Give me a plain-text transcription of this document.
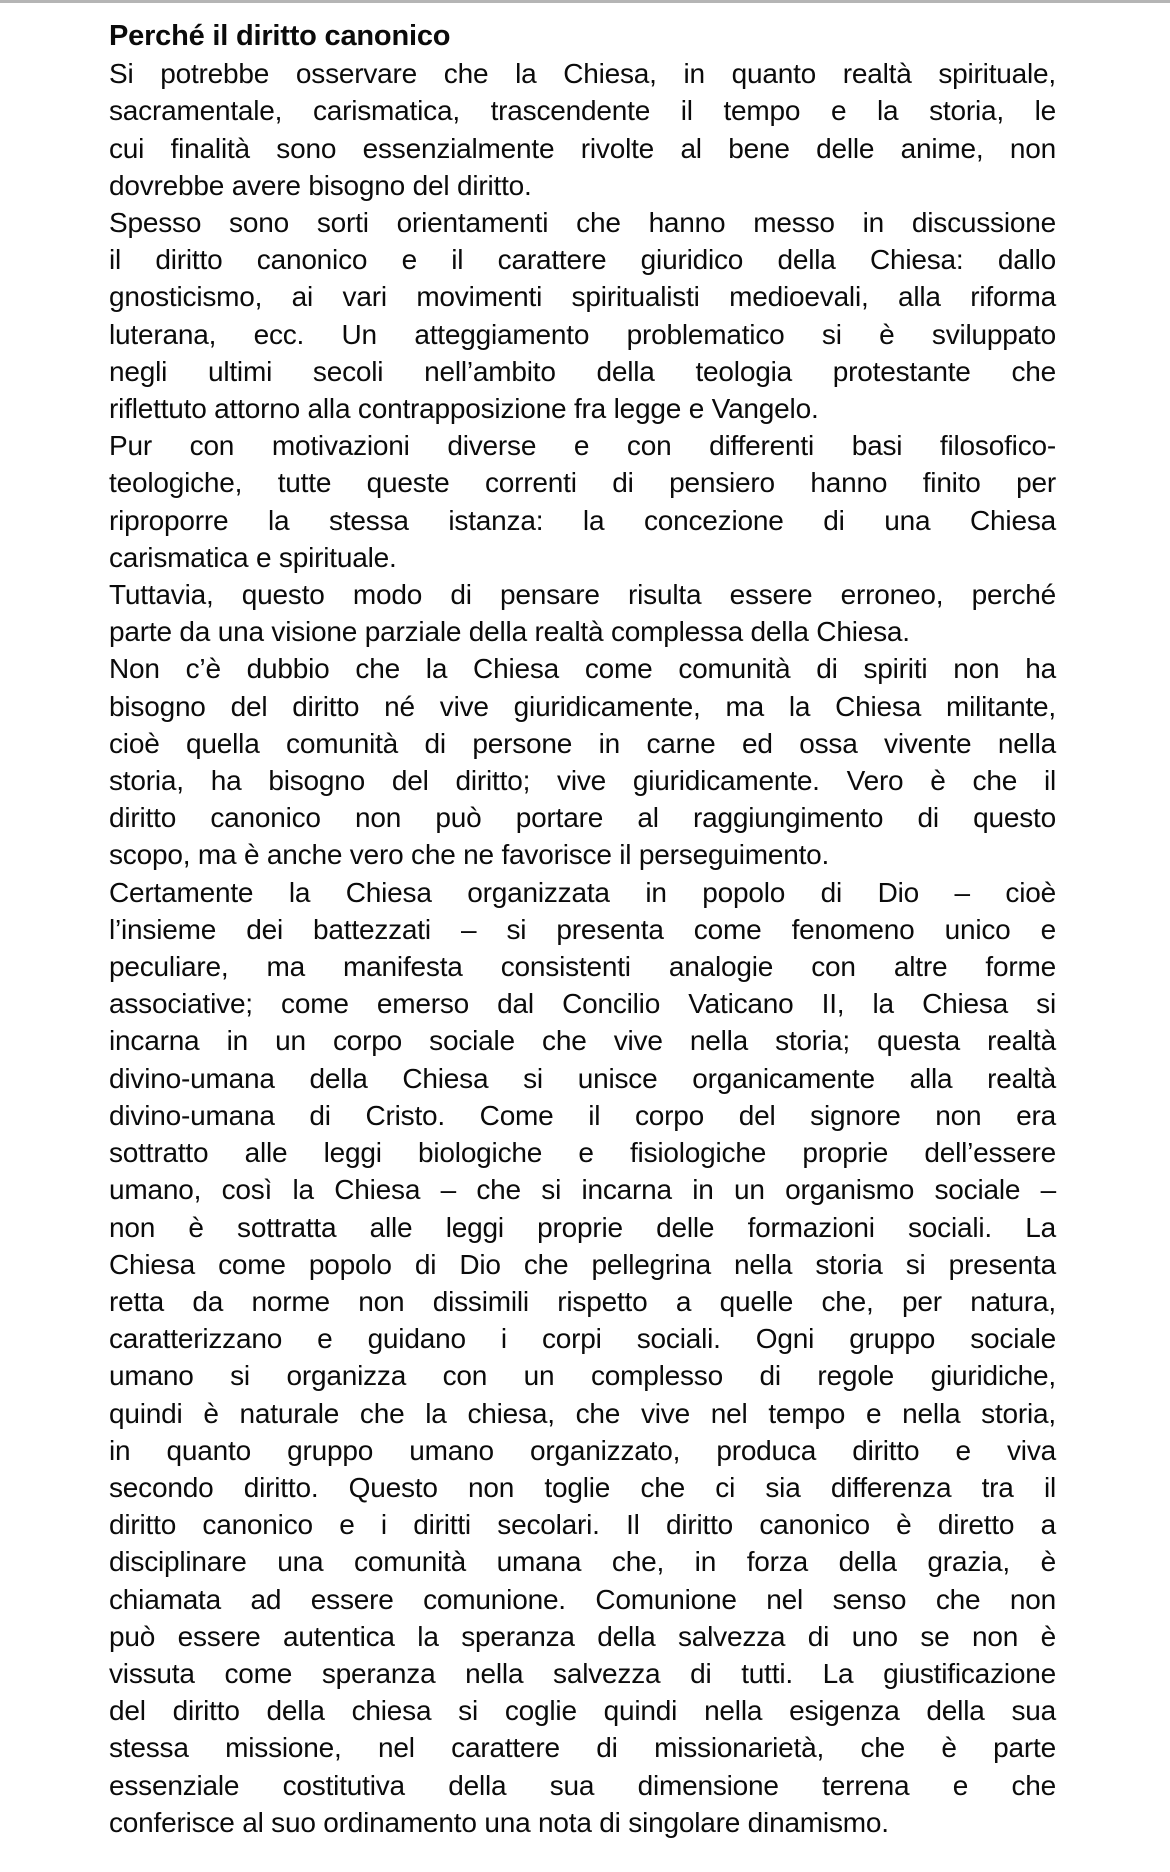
Perché il diritto canonico
Si potrebbe osservare che la Chiesa, in quanto realtà spirituale,
sacramentale, carismatica, trascendente il tempo e la storia, le
cui finalità sono essenzialmente rivolte al bene delle anime, non
dovrebbe avere bisogno del diritto.
Spesso sono sorti orientamenti che hanno messo in discussione
il diritto canonico e il carattere giuridico della Chiesa: dallo
gnosticismo, ai vari movimenti spiritualisti medioevali, alla riforma
luterana, ecc. Un atteggiamento problematico si è sviluppato
negli ultimi secoli nell’ambito della teologia protestante che
riflettuto attorno alla contrapposizione fra legge e Vangelo.
Pur con motivazioni diverse e con differenti basi filosofico-
teologiche, tutte queste correnti di pensiero hanno finito per
riproporre la stessa istanza: la concezione di una Chiesa
carismatica e spirituale.
Tuttavia, questo modo di pensare risulta essere erroneo, perché
parte da una visione parziale della realtà complessa della Chiesa.
Non c’è dubbio che la Chiesa come comunità di spiriti non ha
bisogno del diritto né vive giuridicamente, ma la Chiesa militante,
cioè quella comunità di persone in carne ed ossa vivente nella
storia, ha bisogno del diritto; vive giuridicamente. Vero è che il
diritto canonico non può portare al raggiungimento di questo
scopo, ma è anche vero che ne favorisce il perseguimento.
Certamente la Chiesa organizzata in popolo di Dio – cioè
l’insieme dei battezzati – si presenta come fenomeno unico e
peculiare, ma manifesta consistenti analogie con altre forme
associative; come emerso dal Concilio Vaticano II, la Chiesa si
incarna in un corpo sociale che vive nella storia; questa realtà
divino-umana della Chiesa si unisce organicamente alla realtà
divino-umana di Cristo. Come il corpo del signore non era
sottratto alle leggi biologiche e fisiologiche proprie dell’essere
umano, così la Chiesa – che si incarna in un organismo sociale –
non è sottratta alle leggi proprie delle formazioni sociali. La
Chiesa come popolo di Dio che pellegrina nella storia si presenta
retta da norme non dissimili rispetto a quelle che, per natura,
caratterizzano e guidano i corpi sociali. Ogni gruppo sociale
umano si organizza con un complesso di regole giuridiche,
quindi è naturale che la chiesa, che vive nel tempo e nella storia,
in quanto gruppo umano organizzato, produca diritto e viva
secondo diritto. Questo non toglie che ci sia differenza tra il
diritto canonico e i diritti secolari. Il diritto canonico è diretto a
disciplinare una comunità umana che, in forza della grazia, è
chiamata ad essere comunione. Comunione nel senso che non
può essere autentica la speranza della salvezza di uno se non è
vissuta come speranza nella salvezza di tutti. La giustificazione
del diritto della chiesa si coglie quindi nella esigenza della sua
stessa missione, nel carattere di missionarietà, che è parte
essenziale costitutiva della sua dimensione terrena e che
conferisce al suo ordinamento una nota di singolare dinamismo.
